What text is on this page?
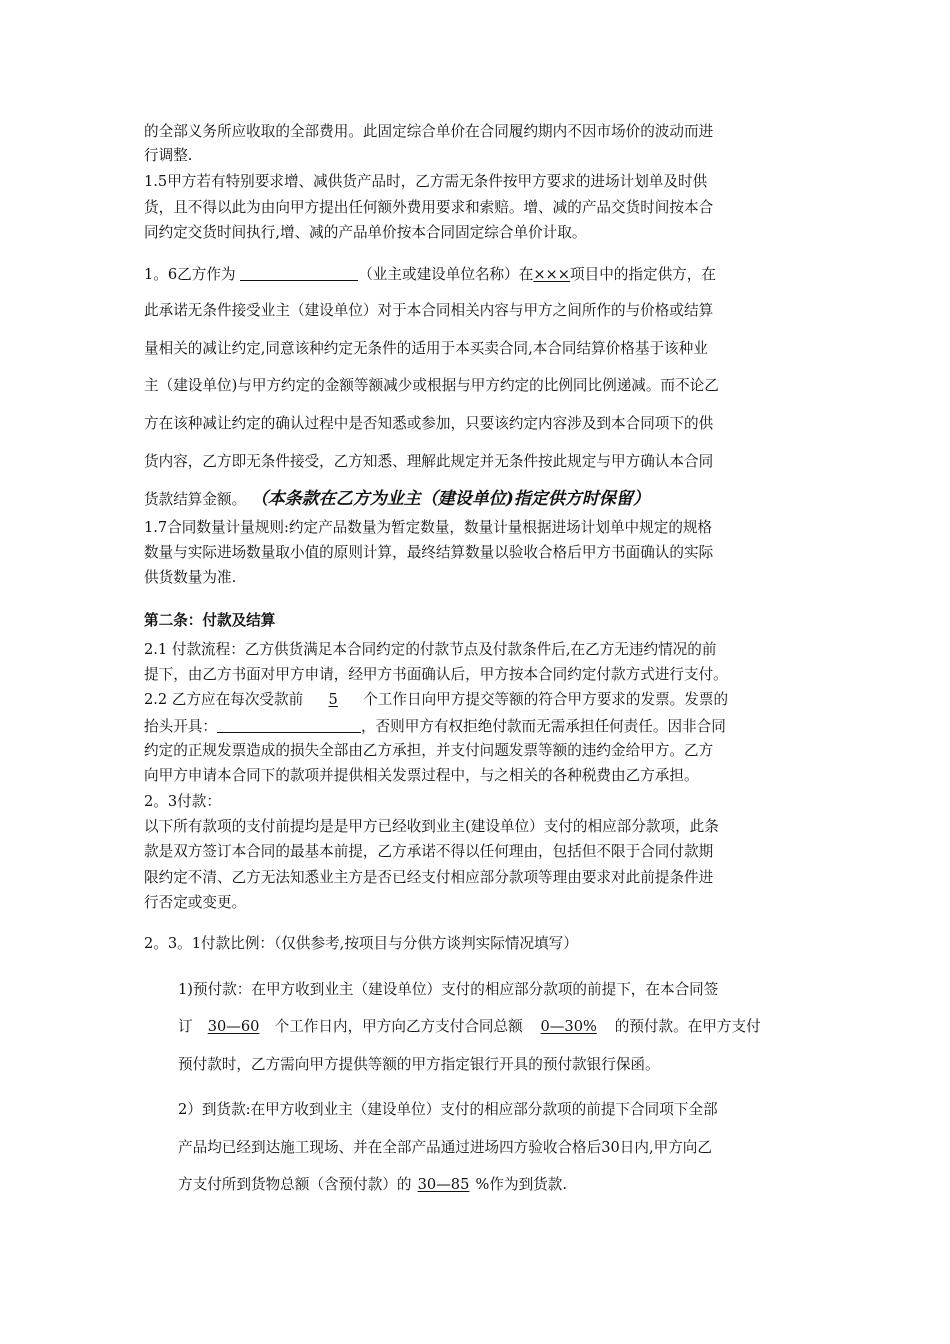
的全部义务所应收取的全部费用。此固定综合单价在合同履约期内不因市场价的波动而进
行调整.
1.5甲方若有特别要求增、减供货产品时，乙方需无条件按甲方要求的进场计划单及时供
货，且不得以此为由向甲方提出任何额外费用要求和索赔。增、减的产品交货时间按本合
同约定交货时间执行,增、减的产品单价按本合同固定综合单价计取。
1。6乙方作为	（业主或建设单位名称）在×××项目中的指定供方，在
此承诺无条件接受业主（建设单位）对于本合同相关内容与甲方之间所作的与价格或结算
量相关的减让约定,同意该种约定无条件的适用于本买卖合同,本合同结算价格基于该种业
主（建设单位)与甲方约定的金额等额减少或根据与甲方约定的比例同比例递减。而不论乙
方在该种减让约定的确认过程中是否知悉或参加，只要该约定内容涉及到本合同项下的供
货内容，乙方即无条件接受，乙方知悉、理解此规定并无条件按此规定与甲方确认本合同
货款结算金额。 （本条款在乙方为业主（建设单位)指定供方时保留）
1.7合同数量计量规则:约定产品数量为暂定数量，数量计量根据进场计划单中规定的规格
数量与实际进场数量取小值的原则计算，最终结算数量以验收合格后甲方书面确认的实际
供货数量为准.
第二条：付款及结算
2.1 付款流程：乙方供货满足本合同约定的付款节点及付款条件后,在乙方无违约情况的前
提下，由乙方书面对甲方申请，经甲方书面确认后，甲方按本合同约定付款方式进行支付。
2.2 乙方应在每次受款前 5 个工作日向甲方提交等额的符合甲方要求的发票。发票的
抬头开具：	，否则甲方有权拒绝付款而无需承担任何责任。因非合同
约定的正规发票造成的损失全部由乙方承担，并支付问题发票等额的违约金给甲方。乙方
向甲方申请本合同下的款项并提供相关发票过程中，与之相关的各种税费由乙方承担。
2。3付款：
以下所有款项的支付前提均是是甲方已经收到业主(建设单位）支付的相应部分款项，此条
款是双方签订本合同的最基本前提，乙方承诺不得以任何理由，包括但不限于合同付款期
限约定不清、乙方无法知悉业主方是否已经支付相应部分款项等理由要求对此前提条件进
行否定或变更。
2。3。1付款比例：（仅供参考,按项目与分供方谈判实际情况填写）
1)预付款：在甲方收到业主（建设单位）支付的相应部分款项的前提下，在本合同签
订 30—60 个工作日内，甲方向乙方支付合同总额 0—30% 的预付款。在甲方支付
预付款时，乙方需向甲方提供等额的甲方指定银行开具的预付款银行保函。
2）到货款:在甲方收到业主（建设单位）支付的相应部分款项的前提下合同项下全部
产品均已经到达施工现场、并在全部产品通过进场四方验收合格后30日内,甲方向乙
方支付所到货物总额（含预付款）的 30—85 %作为到货款.
